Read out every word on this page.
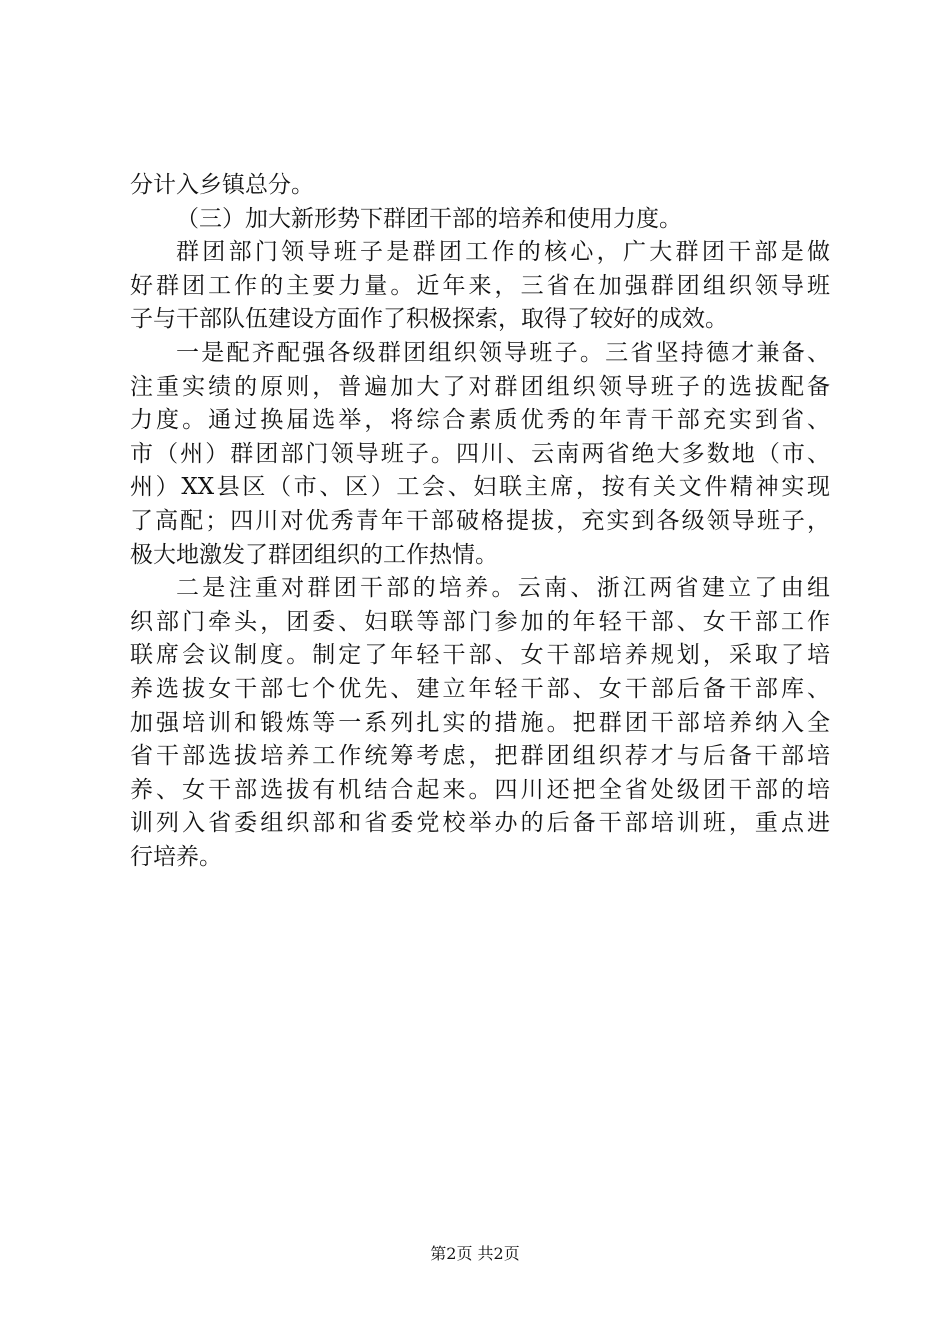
分计入乡镇总分。
（三）加大新形势下群团干部的培养和使用力度。
群团部门领导班子是群团工作的核心，广大群团干部是做
好群团工作的主要力量。近年来，三省在加强群团组织领导班
子与干部队伍建设方面作了积极探索，取得了较好的成效。
一是配齐配强各级群团组织领导班子。三省坚持德才兼备、
注重实绩的原则，普遍加大了对群团组织领导班子的选拔配备
力度。通过换届选举，将综合素质优秀的年青干部充实到省、
市（州）群团部门领导班子。四川、云南两省绝大多数地（市、
州）XX县区（市、区）工会、妇联主席，按有关文件精神实现
了高配；四川对优秀青年干部破格提拔，充实到各级领导班子，
极大地激发了群团组织的工作热情。
二是注重对群团干部的培养。云南、浙江两省建立了由组
织部门牵头，团委、妇联等部门参加的年轻干部、女干部工作
联席会议制度。制定了年轻干部、女干部培养规划，采取了培
养选拔女干部七个优先、建立年轻干部、女干部后备干部库、
加强培训和锻炼等一系列扎实的措施。把群团干部培养纳入全
省干部选拔培养工作统筹考虑，把群团组织荐才与后备干部培
养、女干部选拔有机结合起来。四川还把全省处级团干部的培
训列入省委组织部和省委党校举办的后备干部培训班，重点进
行培养。
第2页 共2页
